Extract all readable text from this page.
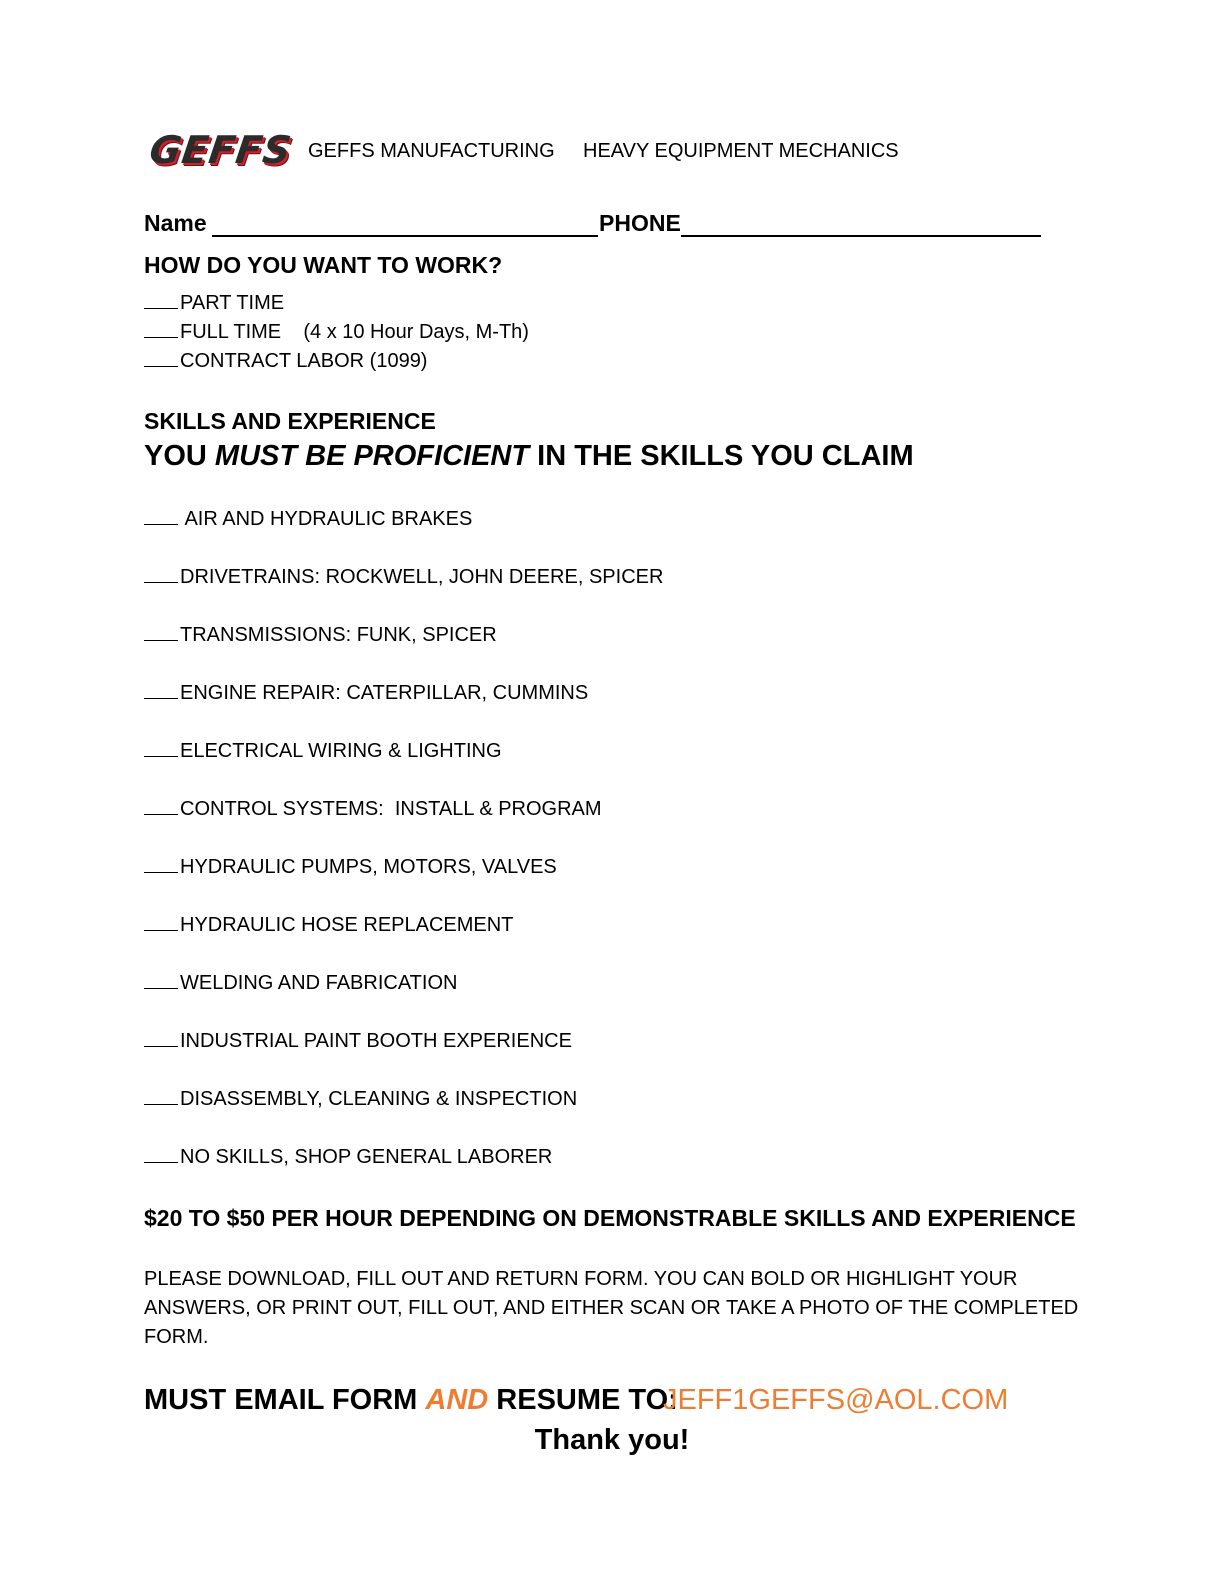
GEFFS GEFFS MANUFACTURING HEAVY EQUIPMENT MECHANICS
Name	PHONE
HOW DO YOU WANT TO WORK?
PART TIME
FULL TIME    (4 x 10 Hour Days, M-Th)
CONTRACT LABOR (1099)
SKILLS AND EXPERIENCE
YOU MUST BE PROFICIENT IN THE SKILLS YOU CLAIM
AIR AND HYDRAULIC BRAKES
DRIVETRAINS: ROCKWELL, JOHN DEERE, SPICER
TRANSMISSIONS: FUNK, SPICER
ENGINE REPAIR: CATERPILLAR, CUMMINS
ELECTRICAL WIRING & LIGHTING
CONTROL SYSTEMS:  INSTALL & PROGRAM
HYDRAULIC PUMPS, MOTORS, VALVES
HYDRAULIC HOSE REPLACEMENT
WELDING AND FABRICATION
INDUSTRIAL PAINT BOOTH EXPERIENCE
DISASSEMBLY, CLEANING & INSPECTION
NO SKILLS, SHOP GENERAL LABORER
$20 TO $50 PER HOUR DEPENDING ON DEMONSTRABLE SKILLS AND EXPERIENCE
PLEASE DOWNLOAD, FILL OUT AND RETURN FORM. YOU CAN BOLD OR HIGHLIGHT YOUR ANSWERS, OR PRINT OUT, FILL OUT, AND EITHER SCAN OR TAKE A PHOTO OF THE COMPLETED FORM.
MUST EMAIL FORM AND RESUME TO:
JEFF1GEFFS@AOL.COM
Thank you!
